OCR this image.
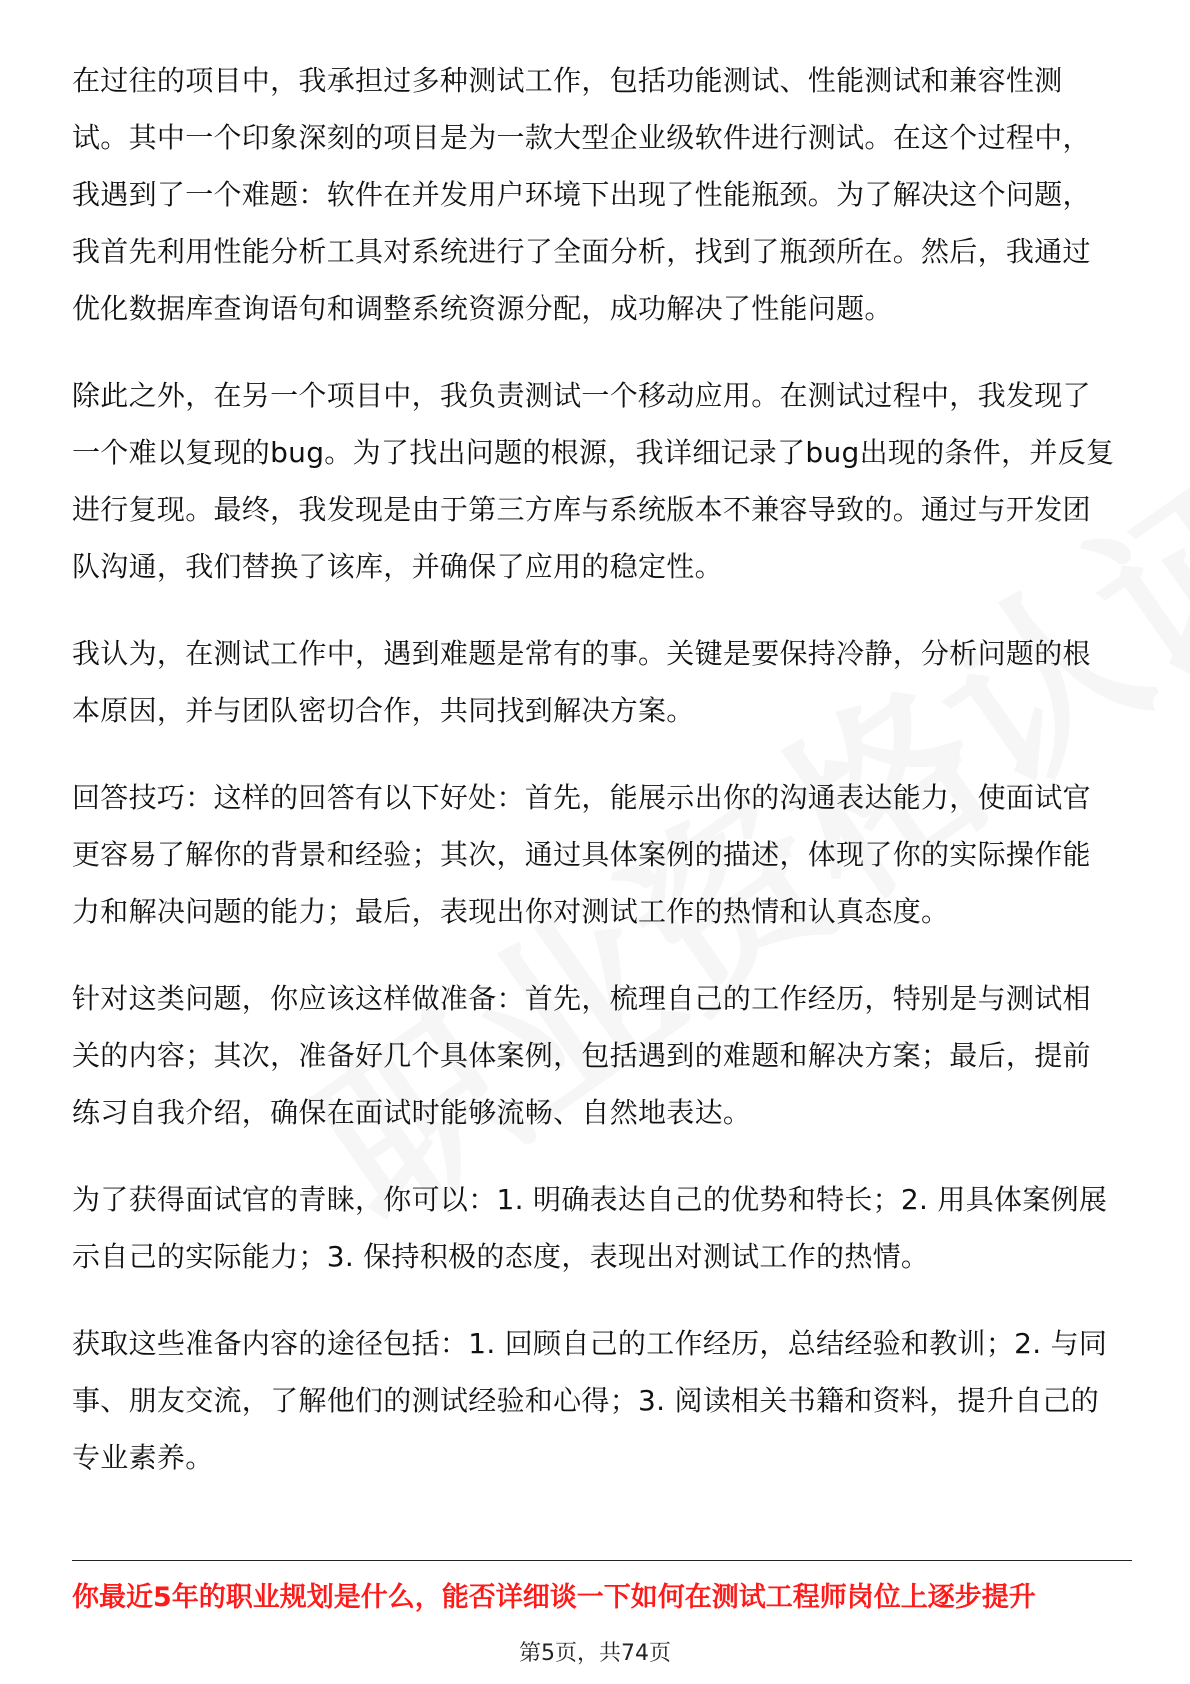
在过往的项目中，我承担过多种测试工作，包括功能测试、性能测试和兼容性测
试。其中一个印象深刻的项目是为一款大型企业级软件进行测试。在这个过程中，
我遇到了一个难题：软件在并发用户环境下出现了性能瓶颈。为了解决这个问题，
我首先利用性能分析工具对系统进行了全面分析，找到了瓶颈所在。然后，我通过
优化数据库查询语句和调整系统资源分配，成功解决了性能问题。

除此之外，在另一个项目中，我负责测试一个移动应用。在测试过程中，我发现了
一个难以复现的bug。为了找出问题的根源，我详细记录了bug出现的条件，并反复
进行复现。最终，我发现是由于第三方库与系统版本不兼容导致的。通过与开发团
队沟通，我们替换了该库，并确保了应用的稳定性。

我认为，在测试工作中，遇到难题是常有的事。关键是要保持冷静，分析问题的根
本原因，并与团队密切合作，共同找到解决方案。

回答技巧：这样的回答有以下好处：首先，能展示出你的沟通表达能力，使面试官
更容易了解你的背景和经验；其次，通过具体案例的描述，体现了你的实际操作能
力和解决问题的能力；最后，表现出你对测试工作的热情和认真态度。

针对这类问题，你应该这样做准备：首先，梳理自己的工作经历，特别是与测试相
关的内容；其次，准备好几个具体案例，包括遇到的难题和解决方案；最后，提前
练习自我介绍，确保在面试时能够流畅、自然地表达。

为了获得面试官的青睐，你可以：1. 明确表达自己的优势和特长；2. 用具体案例展
示自己的实际能力；3. 保持积极的态度，表现出对测试工作的热情。

获取这些准备内容的途径包括：1. 回顾自己的工作经历，总结经验和教训；2. 与同
事、朋友交流，了解他们的测试经验和心得；3. 阅读相关书籍和资料，提升自己的
专业素养。

你最近5年的职业规划是什么，能否详细谈一下如何在测试工程师岗位上逐步提升
第5页，共74页
